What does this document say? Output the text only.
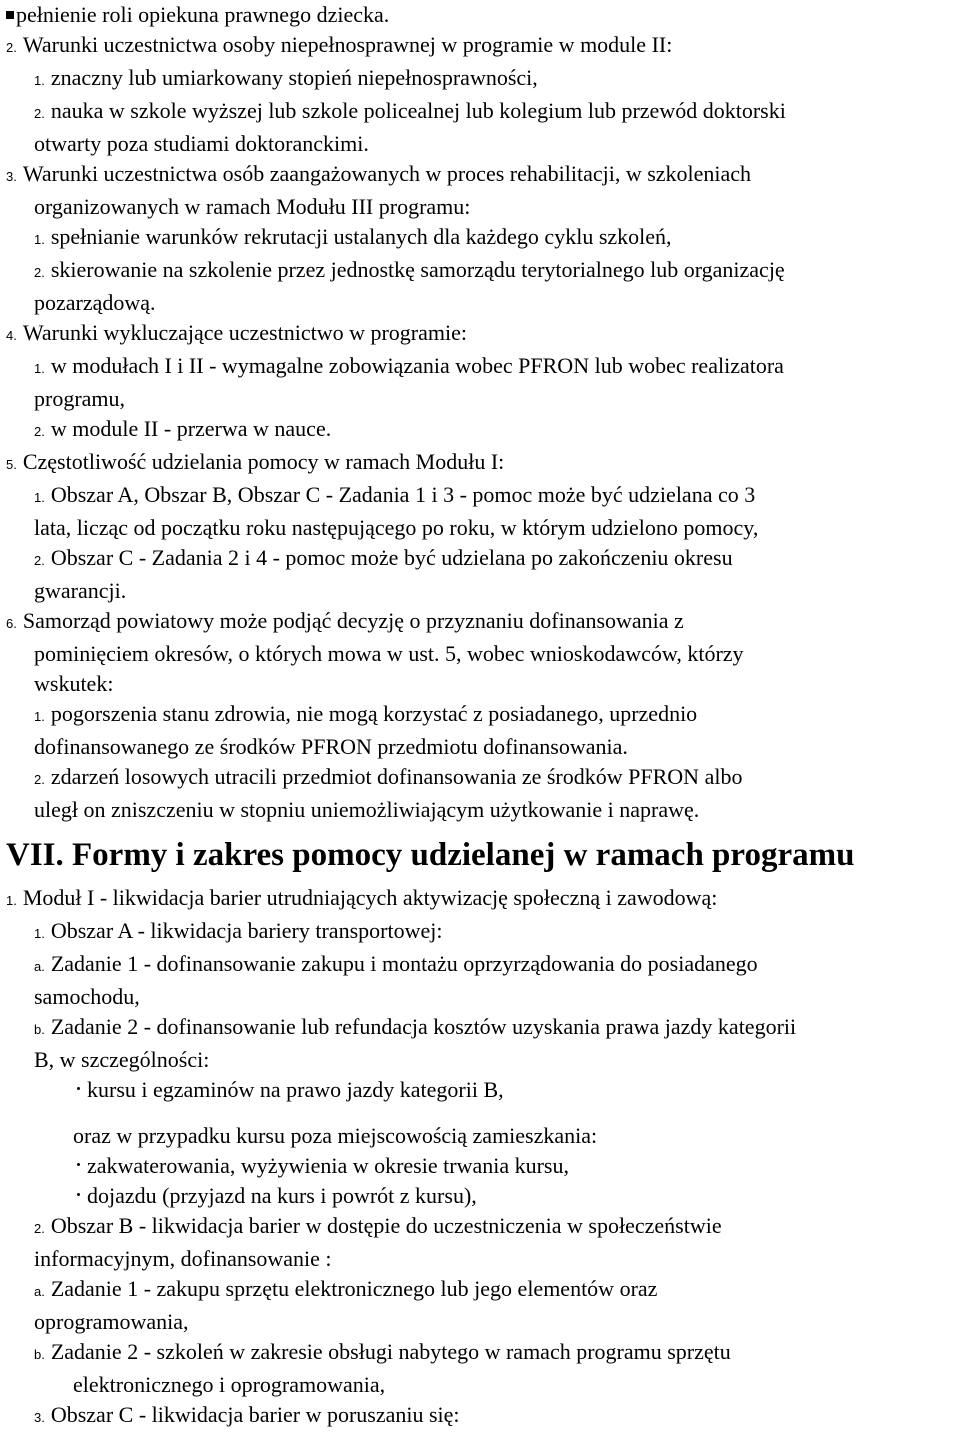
pełnienie roli opiekuna prawnego dziecka.
2. Warunki uczestnictwa osoby niepełnosprawnej w programie w module II:
1. znaczny lub umiarkowany stopień niepełnosprawności,
2. nauka w szkole wyższej lub szkole policealnej lub kolegium lub przewód doktorski
otwarty poza studiami doktoranckimi.
3. Warunki uczestnictwa osób zaangażowanych w proces rehabilitacji, w szkoleniach
organizowanych w ramach Modułu III programu:
1. spełnianie warunków rekrutacji ustalanych dla każdego cyklu szkoleń,
2. skierowanie na szkolenie przez jednostkę samorządu terytorialnego lub organizację
pozarządową.
4. Warunki wykluczające uczestnictwo w programie:
1. w modułach I i II - wymagalne zobowiązania wobec PFRON lub wobec realizatora
programu,
2. w module II - przerwa w nauce.
5. Częstotliwość udzielania pomocy w ramach Modułu I:
1. Obszar A, Obszar B, Obszar C - Zadania 1 i 3 - pomoc może być udzielana co 3
lata, licząc od początku roku następującego po roku, w którym udzielono pomocy,
2. Obszar C - Zadania 2 i 4 - pomoc może być udzielana po zakończeniu okresu
gwarancji.
6. Samorząd powiatowy może podjąć decyzję o przyznaniu dofinansowania z
pominięciem okresów, o których mowa w ust. 5, wobec wnioskodawców, którzy
wskutek:
1. pogorszenia stanu zdrowia, nie mogą korzystać z posiadanego, uprzednio
dofinansowanego ze środków PFRON przedmiotu dofinansowania.
2. zdarzeń losowych utracili przedmiot dofinansowania ze środków PFRON albo
uległ on zniszczeniu w stopniu uniemożliwiającym użytkowanie i naprawę.
VII. Formy i zakres pomocy udzielanej w ramach programu
1. Moduł I - likwidacja barier utrudniających aktywizację społeczną i zawodową:
1. Obszar A - likwidacja bariery transportowej:
a. Zadanie 1 - dofinansowanie zakupu i montażu oprzyrządowania do posiadanego
samochodu,
b. Zadanie 2 - dofinansowanie lub refundacja kosztów uzyskania prawa jazdy kategorii
B, w szczególności:
kursu i egzaminów na prawo jazdy kategorii B,
oraz w przypadku kursu poza miejscowością zamieszkania:
zakwaterowania, wyżywienia w okresie trwania kursu,
dojazdu (przyjazd na kurs i powrót z kursu),
2. Obszar B - likwidacja barier w dostępie do uczestniczenia w społeczeństwie
informacyjnym, dofinansowanie :
a. Zadanie 1 - zakupu sprzętu elektronicznego lub jego elementów oraz
oprogramowania,
b. Zadanie 2 - szkoleń w zakresie obsługi nabytego w ramach programu sprzętu
elektronicznego i oprogramowania,
3. Obszar C - likwidacja barier w poruszaniu się:
